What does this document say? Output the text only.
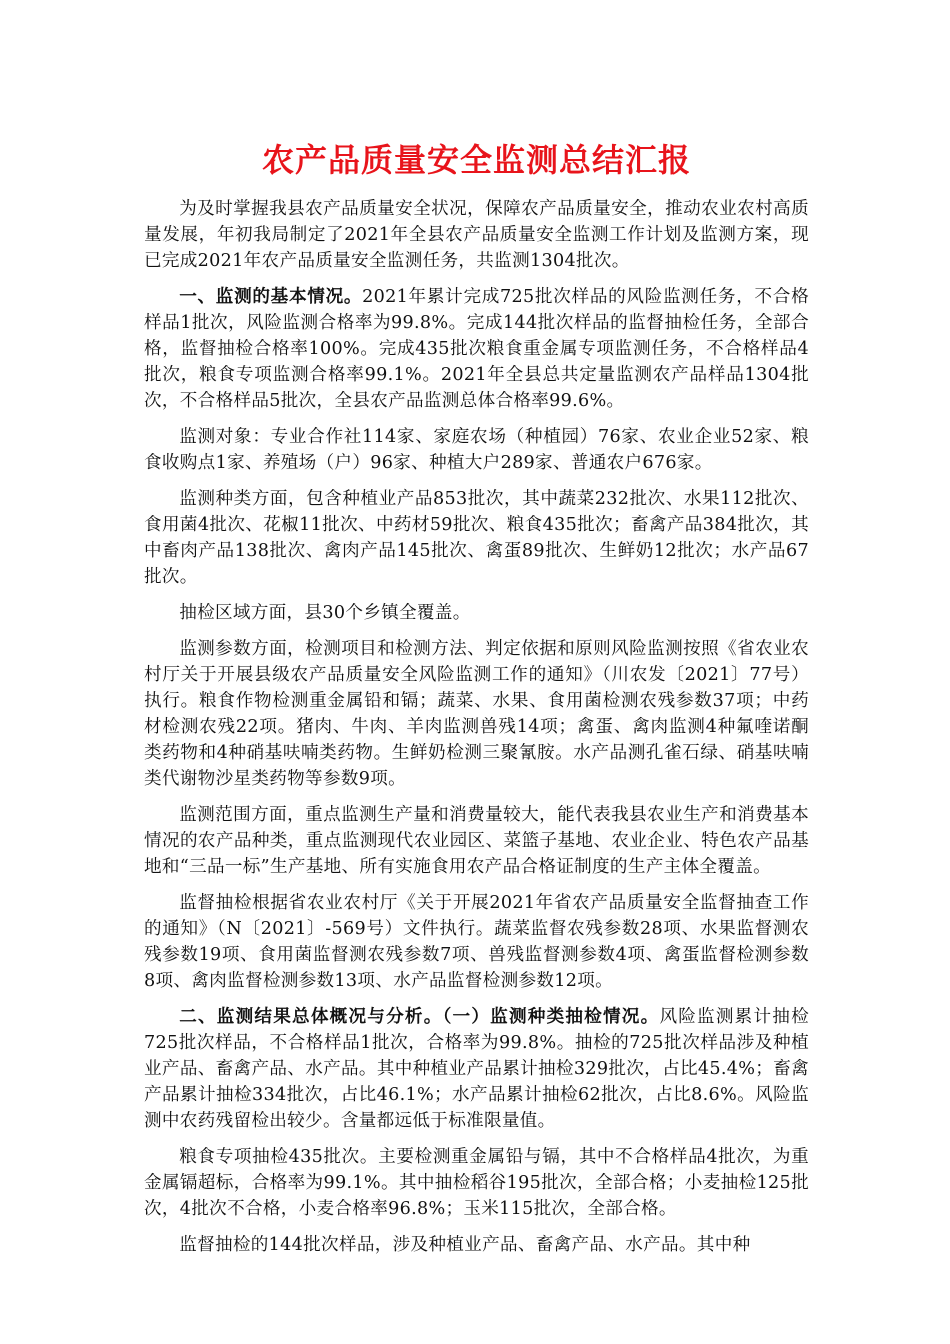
农产品质量安全监测总结汇报

为及时掌握我县农产品质量安全状况，保障农产品质量安全，推动农业农村高质量发展，年初我局制定了2021年全县农产品质量安全监测工作计划及监测方案，现已完成2021年农产品质量安全监测任务，共监测1304批次。

一、监测的基本情况。2021年累计完成725批次样品的风险监测任务，不合格样品1批次，风险监测合格率为99.8%。完成144批次样品的监督抽检任务，全部合格，监督抽检合格率100%。完成435批次粮食重金属专项监测任务，不合格样品4批次，粮食专项监测合格率99.1%。2021年全县总共定量监测农产品样品1304批次，不合格样品5批次，全县农产品监测总体合格率99.6%。

监测对象：专业合作社114家、家庭农场（种植园）76家、农业企业52家、粮食收购点1家、养殖场（户）96家、种植大户289家、普通农户676家。

监测种类方面，包含种植业产品853批次，其中蔬菜232批次、水果112批次、食用菌4批次、花椒11批次、中药材59批次、粮食435批次；畜禽产品384批次，其中畜肉产品138批次、禽肉产品145批次、禽蛋89批次、生鲜奶12批次；水产品67批次。

抽检区域方面，县30个乡镇全覆盖。

监测参数方面，检测项目和检测方法、判定依据和原则风险监测按照《省农业农村厅关于开展县级农产品质量安全风险监测工作的通知》（川农发〔2021〕77号）执行。粮食作物检测重金属铅和镉；蔬菜、水果、食用菌检测农残参数37项；中药材检测农残22项。猪肉、牛肉、羊肉监测兽残14项；禽蛋、禽肉监测4种氟喹诺酮类药物和4种硝基呋喃类药物。生鲜奶检测三聚氰胺。水产品测孔雀石绿、硝基呋喃类代谢物沙星类药物等参数9项。

监测范围方面，重点监测生产量和消费量较大，能代表我县农业生产和消费基本情况的农产品种类，重点监测现代农业园区、菜篮子基地、农业企业、特色农产品基地和“三品一标”生产基地、所有实施食用农产品合格证制度的生产主体全覆盖。

监督抽检根据省农业农村厅《关于开展2021年省农产品质量安全监督抽查工作的通知》（N〔2021〕-569号）文件执行。蔬菜监督农残参数28项、水果监督测农残参数19项、食用菌监督测农残参数7项、兽残监督测参数4项、禽蛋监督检测参数8项、禽肉监督检测参数13项、水产品监督检测参数12项。

二、监测结果总体概况与分析。（一）监测种类抽检情况。风险监测累计抽检725批次样品，不合格样品1批次，合格率为99.8%。抽检的725批次样品涉及种植业产品、畜禽产品、水产品。其中种植业产品累计抽检329批次，占比45.4%；畜禽产品累计抽检334批次，占比46.1%；水产品累计抽检62批次，占比8.6%。风险监测中农药残留检出较少。含量都远低于标准限量值。

粮食专项抽检435批次。主要检测重金属铅与镉，其中不合格样品4批次，为重金属镉超标，合格率为99.1%。其中抽检稻谷195批次，全部合格；小麦抽检125批次，4批次不合格，小麦合格率96.8%；玉米115批次，全部合格。

监督抽检的144批次样品，涉及种植业产品、畜禽产品、水产品。其中种
